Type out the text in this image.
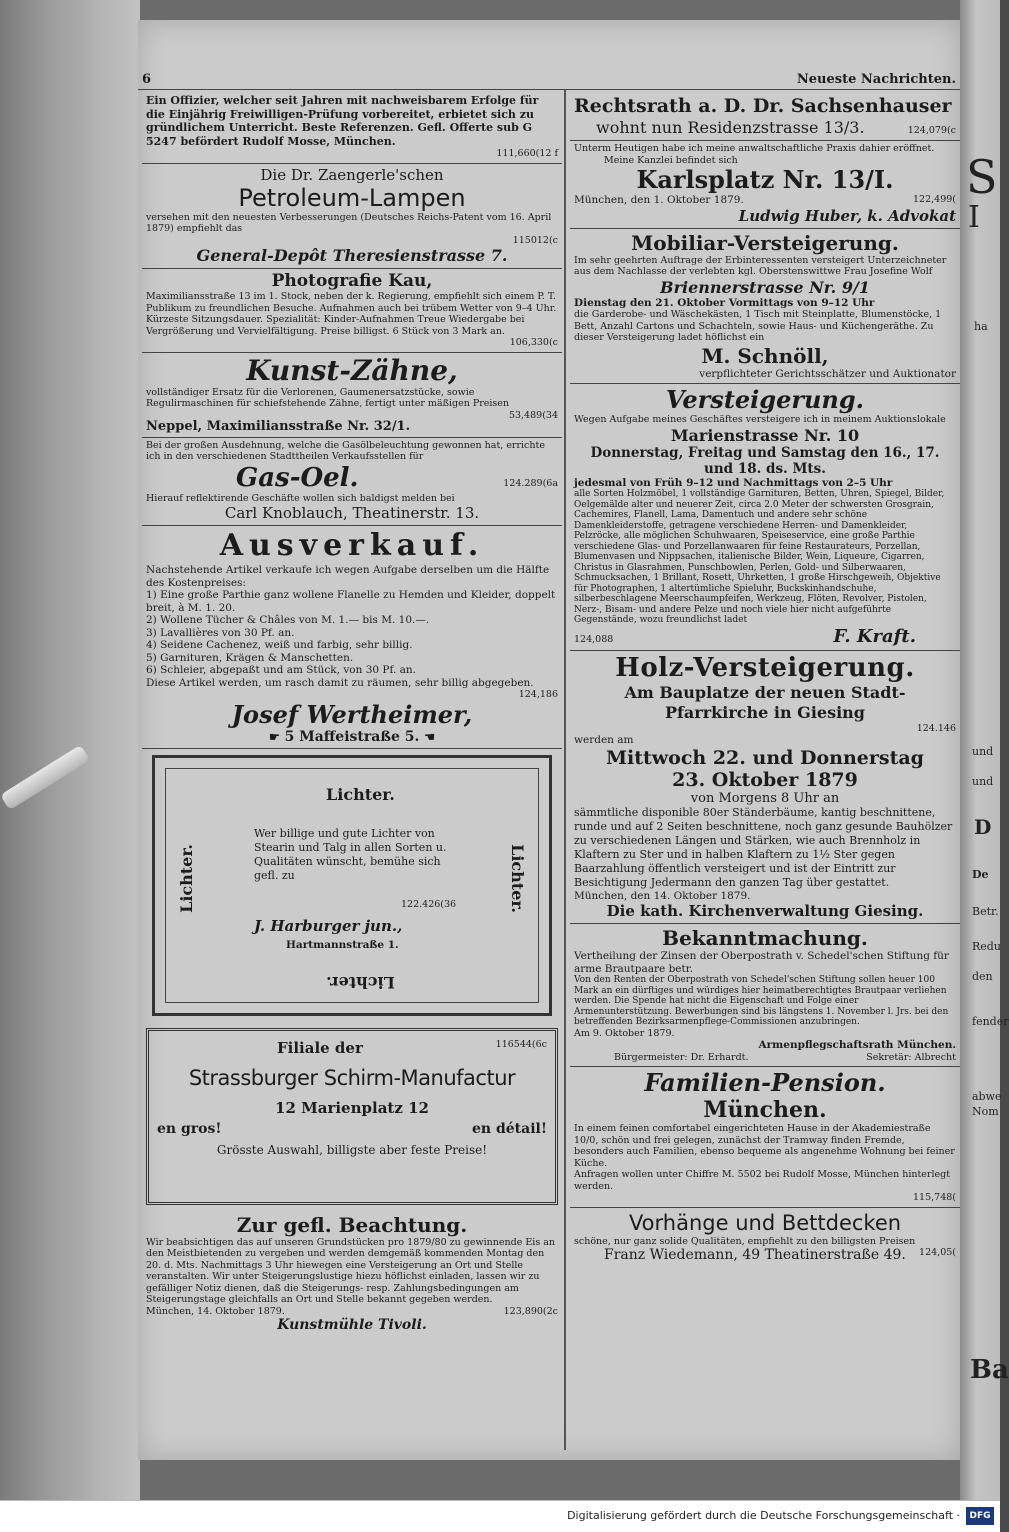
6	Neueste Nachrichten.
Ein Offizier, welcher seit Jahren mit nachweisbarem Erfolge für die Einjährig Freiwilligen-Prüfung vorbereitet, erbietet sich zu gründlichem Unterricht. Beste Referenzen. Gefl. Offerte sub G 5247 befördert Rudolf Mosse, München.
111,660(12 f
Die Dr. Zaengerle'schen
Petroleum-Lampen
versehen mit den neuesten Verbesserungen (Deutsches Reichs-Patent vom 16. April 1879) empfiehlt das
115012(c
General-Depôt Theresienstrasse 7.
Photografie Kau,
Maximiliansstraße 13 im 1. Stock, neben der k. Regierung, empfiehlt sich einem P. T. Publikum zu freundlichen Besuche. Aufnahmen auch bei trübem Wetter von 9–4 Uhr. Kürzeste Sitzungsdauer. Spezialität: Kinder-Aufnahmen Treue Wiedergabe bei Vergrößerung und Vervielfältigung. Preise billigst. 6 Stück von 3 Mark an.
106,330(c
Kunst-Zähne,
vollständiger Ersatz für die Verlorenen, Gaumenersatzstücke, sowie Regulirmaschinen für schiefstehende Zähne, fertigt unter mäßigen Preisen
53,489(34
Neppel, Maximiliansstraße Nr. 32/1.
Bei der großen Ausdehnung, welche die Gasölbeleuchtung gewonnen hat, errichte ich in den verschiedenen Stadttheilen Verkaufsstellen für
Gas-Oel.	124.289(6a
Hierauf reflektirende Geschäfte wollen sich baldigst melden bei
Carl Knoblauch, Theatinerstr. 13.
Ausverkauf.
Nachstehende Artikel verkaufe ich wegen Aufgabe derselben um die Hälfte des Kostenpreises:
1) Eine große Parthie ganz wollene Flanelle zu Hemden und Kleider, doppelt breit, à M. 1. 20.
2) Wollene Tücher & Châles von M. 1.— bis M. 10.—.
3) Lavallières von 30 Pf. an.
4) Seidene Cachenez, weiß und farbig, sehr billig.
5) Garnituren, Krägen & Manschetten.
6) Schleier, abgepaßt und am Stück, von 30 Pf. an.
Diese Artikel werden, um rasch damit zu räumen, sehr billig abgegeben.
124,186
Josef Wertheimer,
☛ 5 Maffeistraße 5. ☚
Lichter.
Lichter.	Lichter.
Lichter.
Wer billige und gute Lichter von Stearin und Talg in allen Sorten u. Qualitäten wünscht, bemühe sich gefl. zu
122.426(36
J. Harburger jun.,
Hartmannstraße 1.
Filiale der	116544(6c
Strassburger Schirm-Manufactur
12 Marienplatz 12
en gros!	en détail!
Grösste Auswahl, billigste aber feste Preise!
Zur gefl. Beachtung.
Wir beabsichtigen das auf unseren Grundstücken pro 1879/80 zu gewinnende Eis an den Meistbietenden zu vergeben und werden demgemäß kommenden Montag den 20. d. Mts. Nachmittags 3 Uhr hiewegen eine Versteigerung an Ort und Stelle veranstalten. Wir unter Steigerungslustige hiezu höflichst einladen, lassen wir zu gefälliger Notiz dienen, daß die Steigerungs- resp. Zahlungsbedingungen am Steigerungstage gleichfalls an Ort und Stelle bekannt gegeben werden.
München, 14. Oktober 1879.	123,890(2c
Kunstmühle Tivoli.
Rechtsrath a. D. Dr. Sachsenhauser
wohnt nun Residenzstrasse 13/3.	124,079(c
Unterm Heutigen habe ich meine anwaltschaftliche Praxis dahier eröffnet.
Meine Kanzlei befindet sich
Karlsplatz Nr. 13/I.
München, den 1. Oktober 1879.	122,499(
Ludwig Huber, k. Advokat
Mobiliar-Versteigerung.
Im sehr geehrten Auftrage der Erbinteressenten versteigert Unterzeichneter aus dem Nachlasse der verlebten kgl. Oberstenswittwe Frau Josefine Wolf
Briennerstrasse Nr. 9/1
Dienstag den 21. Oktober Vormittags von 9–12 Uhr
die Garderobe- und Wäschekästen, 1 Tisch mit Steinplatte, Blumenstöcke, 1 Bett, Anzahl Cartons und Schachteln, sowie Haus- und Küchengeräthe. Zu dieser Versteigerung ladet höflichst ein
M. Schnöll,
verpflichteter Gerichtsschätzer und Auktionator
Versteigerung.
Wegen Aufgabe meines Geschäftes versteigere ich in meinem Auktionslokale
Marienstrasse Nr. 10
Donnerstag, Freitag und Samstag den 16., 17. und 18. ds. Mts.
jedesmal von Früh 9–12 und Nachmittags von 2–5 Uhr
alle Sorten Holzmöbel, 1 vollständige Garnituren, Betten, Uhren, Spiegel, Bilder, Oelgemälde alter und neuerer Zeit, circa 2.0 Meter der schwersten Grosgrain, Cachemires, Flanell, Lama, Damentuch und andere sehr schöne Damenkleiderstoffe, getragene verschiedene Herren- und Damenkleider, Pelzröcke, alle möglichen Schuhwaaren, Speiseservice, eine große Parthie verschiedene Glas- und Porzellanwaaren für feine Restaurateurs, Porzellan, Blumenvasen und Nippsachen, italienische Bilder, Wein, Liqueure, Cigarren, Christus in Glasrahmen, Punschbowlen, Perlen, Gold- und Silberwaaren, Schmucksachen, 1 Brillant, Rosett, Uhrketten, 1 große Hirschgeweih, Objektive für Photographen, 1 altertümliche Spieluhr, Buckskinhandschuhe, silberbeschlagene Meerschaumpfeifen, Werkzeug, Flöten, Revolver, Pistolen, Nerz-, Bisam- und andere Pelze und noch viele hier nicht aufgeführte Gegenstände, wozu freundlichst ladet
124,088	F. Kraft.
Holz-Versteigerung.
Am Bauplatze der neuen Stadt-Pfarrkirche in Giesing
124.146
werden am
Mittwoch 22. und Donnerstag
23. Oktober 1879
von Morgens 8 Uhr an
sämmtliche disponible 80er Ständerbäume, kantig beschnittene, runde und auf 2 Seiten beschnittene, noch ganz gesunde Bauhölzer zu verschiedenen Längen und Stärken, wie auch Brennholz in Klaftern zu Ster und in halben Klaftern zu 1½ Ster gegen Baarzahlung öffentlich versteigert und ist der Eintritt zur Besichtigung Jedermann den ganzen Tag über gestattet.
München, den 14. Oktober 1879.
Die kath. Kirchenverwaltung Giesing.
Bekanntmachung.
Vertheilung der Zinsen der Oberpostrath v. Schedel'schen Stiftung für arme Brautpaare betr.
Von den Renten der Oberpostrath von Schedel'schen Stiftung sollen heuer 100 Mark an ein dürftiges und würdiges hier heimatberechtigtes Brautpaar verliehen werden. Die Spende hat nicht die Eigenschaft und Folge einer Armenunterstützung. Bewerbungen sind bis längstens 1. November l. Jrs. bei den betreffenden Bezirksarmenpflege-Commissionen anzubringen.
Am 9. Oktober 1879.
Armenpflegschaftsrath München.
Bürgermeister: Dr. Erhardt.	Sekretär: Albrecht
Familien-Pension.
München.
In einem feinen comfortabel eingerichteten Hause in der Akademiestraße 10/0, schön und frei gelegen, zunächst der Tramway finden Fremde, besonders auch Familien, ebenso bequeme als angenehme Wohnung bei feiner Küche.
Anfragen wollen unter Chiffre M. 5502 bei Rudolf Mosse, München hinterlegt werden.
115,748(
Vorhänge und Bettdecken
schöne, nur ganz solide Qualitäten, empfiehlt zu den billigsten Preisen
Franz Wiedemann, 49 Theatinerstraße 49. 124,05(
S
I
ha
und
und
D
De
Betr.
Redu
den
fender
abwe
Nom
Ba
Digitalisierung gefördert durch die Deutsche Forschungsgemeinschaft ·	DFG
